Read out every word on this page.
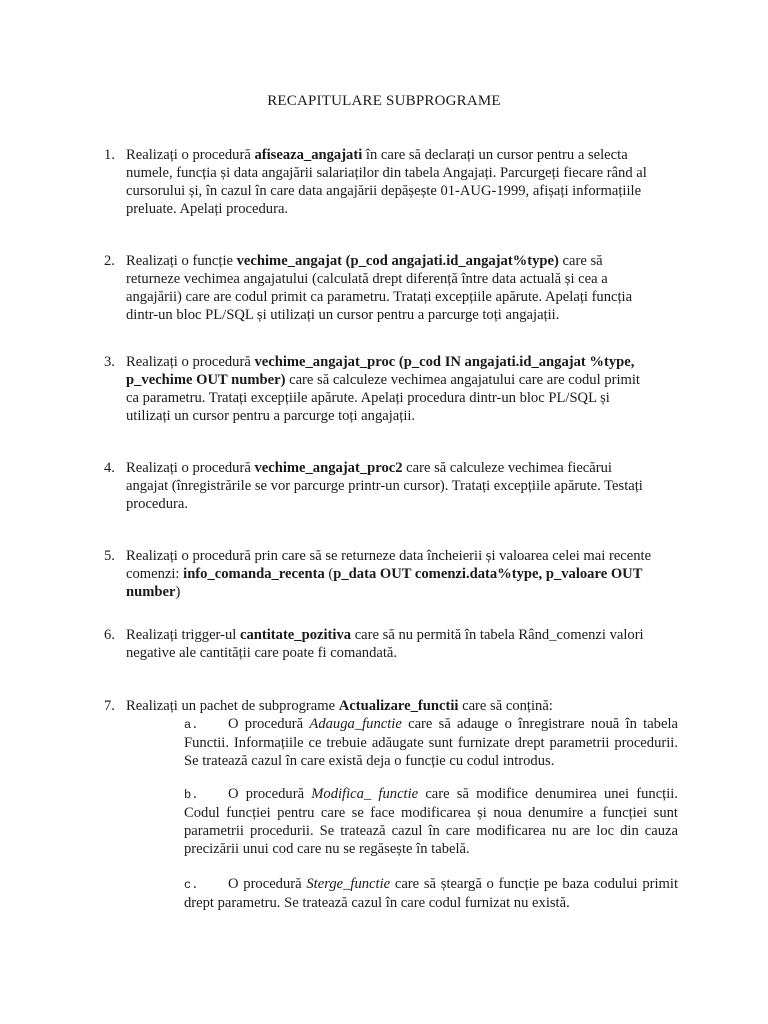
RECAPITULARE SUBPROGRAME
1. Realizați o procedură afiseaza_angajati în care să declarați un cursor pentru a selecta numele, funcția și data angajării salariaților din tabela Angajați. Parcurgeți fiecare rând al cursorului și, în cazul în care data angajării depășește 01-AUG-1999, afișați informațiile preluate. Apelați procedura.
2. Realizați o funcție vechime_angajat (p_cod angajati.id_angajat%type) care să returneze vechimea angajatului (calculată drept diferență între data actuală și cea a angajării) care are codul primit ca parametru. Tratați excepțiile apărute. Apelați funcția dintr-un bloc PL/SQL și utilizați un cursor pentru a parcurge toți angajații.
3. Realizați o procedură vechime_angajat_proc (p_cod IN angajati.id_angajat %type, p_vechime OUT number) care să calculeze vechimea angajatului care are codul primit ca parametru. Tratați excepțiile apărute. Apelați procedura dintr-un bloc PL/SQL și utilizați un cursor pentru a parcurge toți angajații.
4. Realizați o procedură vechime_angajat_proc2 care să calculeze vechimea fiecărui angajat (înregistrările se vor parcurge printr-un cursor). Tratați excepțiile apărute. Testați procedura.
5. Realizați o procedură prin care să se returneze data încheierii și valoarea celei mai recente comenzi: info_comanda_recenta (p_data OUT comenzi.data%type, p_valoare OUT number)
6. Realizați trigger-ul cantitate_pozitiva care să nu permită în tabela Rând_comenzi valori negative ale cantității care poate fi comandată.
7. Realizați un pachet de subprograme Actualizare_functii care să conțină:
a. O procedură Adauga_functie care să adauge o înregistrare nouă în tabela Functii. Informațiile ce trebuie adăugate sunt furnizate drept parametrii procedurii. Se tratează cazul în care există deja o funcție cu codul introdus.
b. O procedură Modifica_ functie care să modifice denumirea unei funcții. Codul funcției pentru care se face modificarea și noua denumire a funcției sunt parametrii procedurii. Se tratează cazul în care modificarea nu are loc din cauza precizării unui cod care nu se regăsește în tabelă.
c. O procedură Sterge_functie care să șteargă o funcție pe baza codului primit drept parametru. Se tratează cazul în care codul furnizat nu există.
